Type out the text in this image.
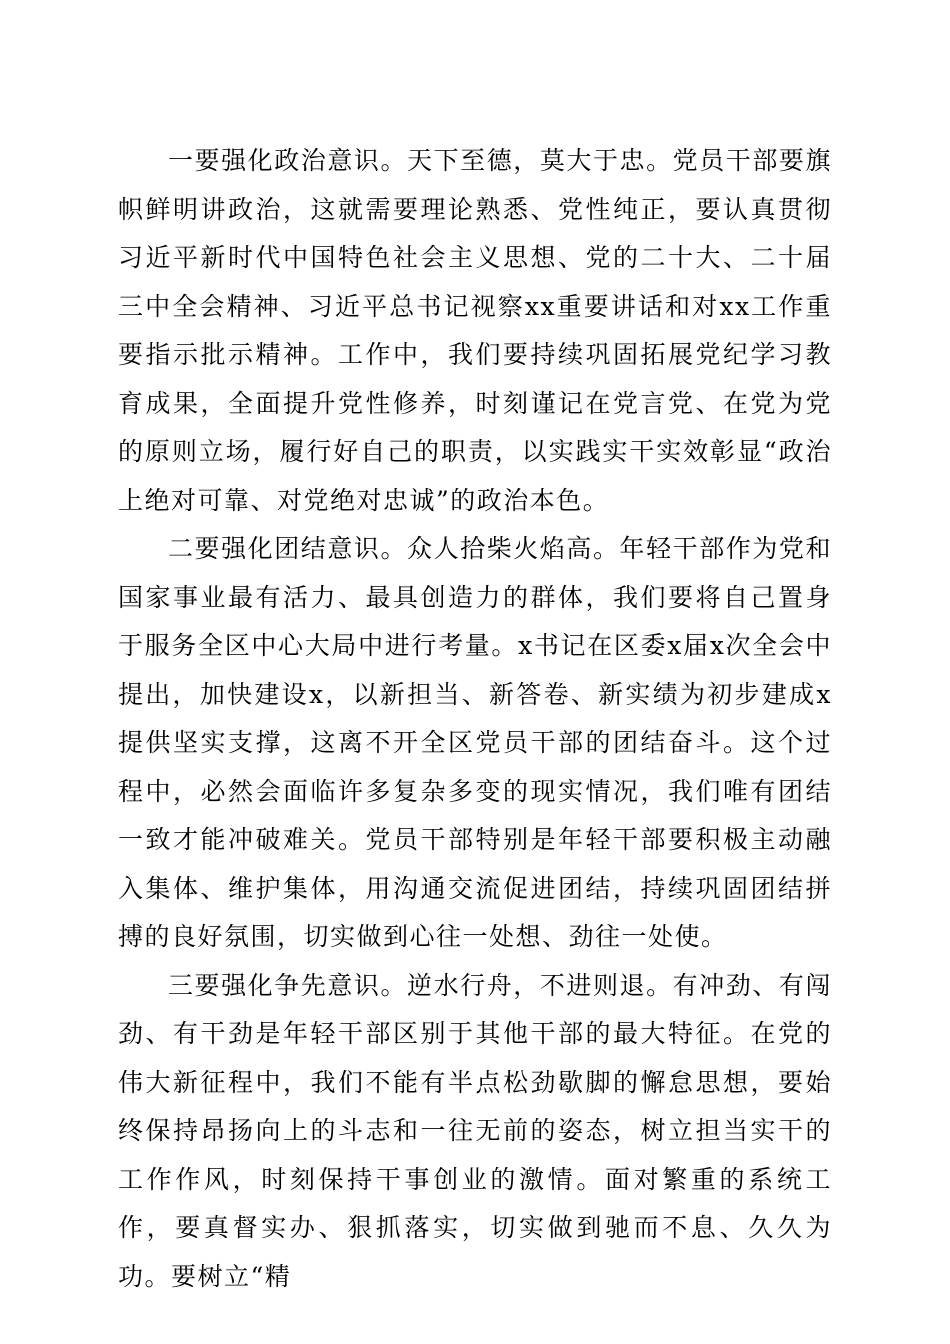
一要强化政治意识。天下至德，莫大于忠。党员干部要旗帜鲜明讲政治，这就需要理论熟悉、党性纯正，要认真贯彻习近平新时代中国特色社会主义思想、党的二十大、二十届三中全会精神、习近平总书记视察xx重要讲话和对xx工作重要指示批示精神。工作中，我们要持续巩固拓展党纪学习教育成果，全面提升党性修养，时刻谨记在党言党、在党为党的原则立场，履行好自己的职责，以实践实干实效彰显“政治上绝对可靠、对党绝对忠诚”的政治本色。

二要强化团结意识。众人拾柴火焰高。年轻干部作为党和国家事业最有活力、最具创造力的群体，我们要将自己置身于服务全区中心大局中进行考量。x书记在区委x届x次全会中提出，加快建设x，以新担当、新答卷、新实绩为初步建成x提供坚实支撑，这离不开全区党员干部的团结奋斗。这个过程中，必然会面临许多复杂多变的现实情况，我们唯有团结一致才能冲破难关。党员干部特别是年轻干部要积极主动融入集体、维护集体，用沟通交流促进团结，持续巩固团结拼搏的良好氛围，切实做到心往一处想、劲往一处使。

三要强化争先意识。逆水行舟，不进则退。有冲劲、有闯劲、有干劲是年轻干部区别于其他干部的最大特征。在党的伟大新征程中，我们不能有半点松劲歇脚的懈怠思想，要始终保持昂扬向上的斗志和一往无前的姿态，树立担当实干的工作作风，时刻保持干事创业的激情。面对繁重的系统工作，要真督实办、狠抓落实，切实做到驰而不息、久久为功。要树立“精
